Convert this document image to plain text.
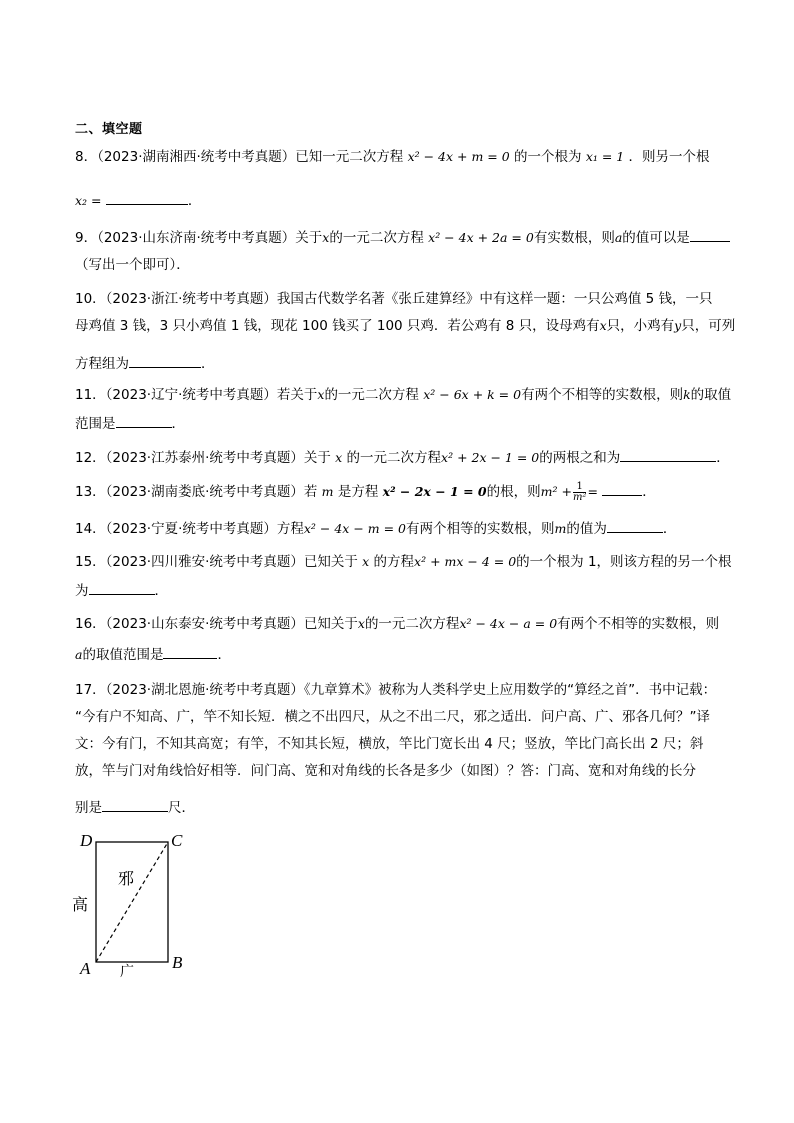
二、填空题
8．（2023·湖南湘西·统考中考真题）已知一元二次方程 x² − 4x + m = 0 的一个根为 x₁ = 1 ．则另一个根
x₂ =	．
9．（2023·山东济南·统考中考真题）关于x的一元二次方程 x² − 4x + 2a = 0有实数根，则a的值可以是
（写出一个即可）．
10．（2023·浙江·统考中考真题）我国古代数学名著《张丘建算经》中有这样一题：一只公鸡值 5 钱，一只
母鸡值 3 钱，3 只小鸡值 1 钱，现花 100 钱买了 100 只鸡．若公鸡有 8 只，设母鸡有x只，小鸡有y只，可列
方程组为	．
11．（2023·辽宁·统考中考真题）若关于x的一元二次方程 x² − 6x + k = 0有两个不相等的实数根，则k的取值
范围是	．
12．（2023·江苏泰州·统考中考真题）关于 x 的一元二次方程x² + 2x − 1 = 0的两根之和为	．
13．（2023·湖南娄底·统考中考真题）若 m 是方程 x² − 2x − 1 = 0的根，则$m^2 + \frac{1}{\text{m²}}$ =	．
14．（2023·宁夏·统考中考真题）方程x² − 4x − m = 0有两个相等的实数根，则m的值为	．
15．（2023·四川雅安·统考中考真题）已知关于 x 的方程x² + mx − 4 = 0的一个根为 1，则该方程的另一个根
为	．
16．（2023·山东泰安·统考中考真题）已知关于x的一元二次方程x² − 4x − a = 0有两个不相等的实数根，则
a的取值范围是	．
17．（2023·湖北恩施·统考中考真题）《九章算术》被称为人类科学史上应用数学的“算经之首”．书中记载：
“今有户不知高、广，竿不知长短．横之不出四尺，从之不出二尺，邪之适出．问户高、广、邪各几何？”译
文：今有门，不知其高宽；有竿，不知其长短，横放，竿比门宽长出 4 尺；竖放，竿比门高长出 2 尺；斜
放，竿与门对角线恰好相等．问门高、宽和对角线的长各是多少（如图）？答：门高、宽和对角线的长分
别是	尺．
D	C
A	B
高
广
邪
